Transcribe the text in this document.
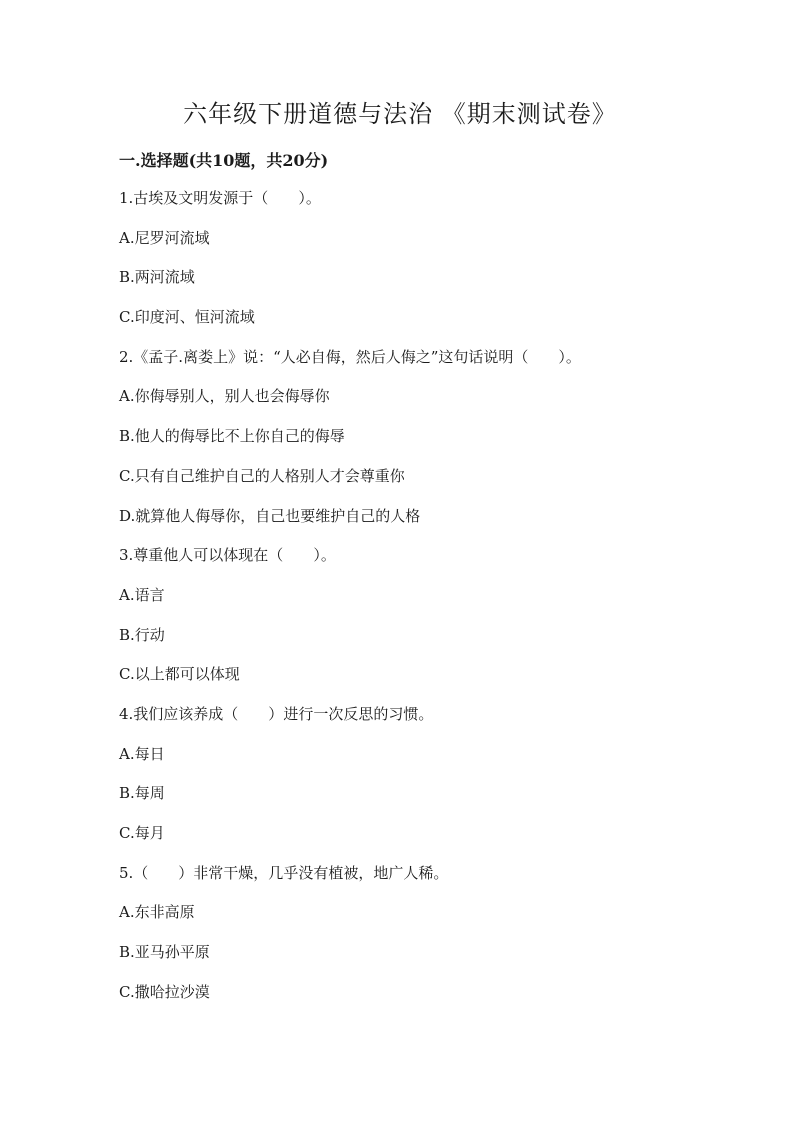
六年级下册道德与法治 《期末测试卷》
一.选择题(共10题，共20分)
1.古埃及文明发源于（　　）。
A.尼罗河流域
B.两河流域
C.印度河、恒河流域
2.《孟子.离娄上》说：“人必自侮，然后人侮之”这句话说明（　　）。
A.你侮辱别人，别人也会侮辱你
B.他人的侮辱比不上你自己的侮辱
C.只有自己维护自己的人格别人才会尊重你
D.就算他人侮辱你，自己也要维护自己的人格
3.尊重他人可以体现在（　　）。
A.语言
B.行动
C.以上都可以体现
4.我们应该养成（　　）进行一次反思的习惯。
A.每日
B.每周
C.每月
5.（　　）非常干燥，几乎没有植被，地广人稀。
A.东非高原
B.亚马孙平原
C.撒哈拉沙漠
